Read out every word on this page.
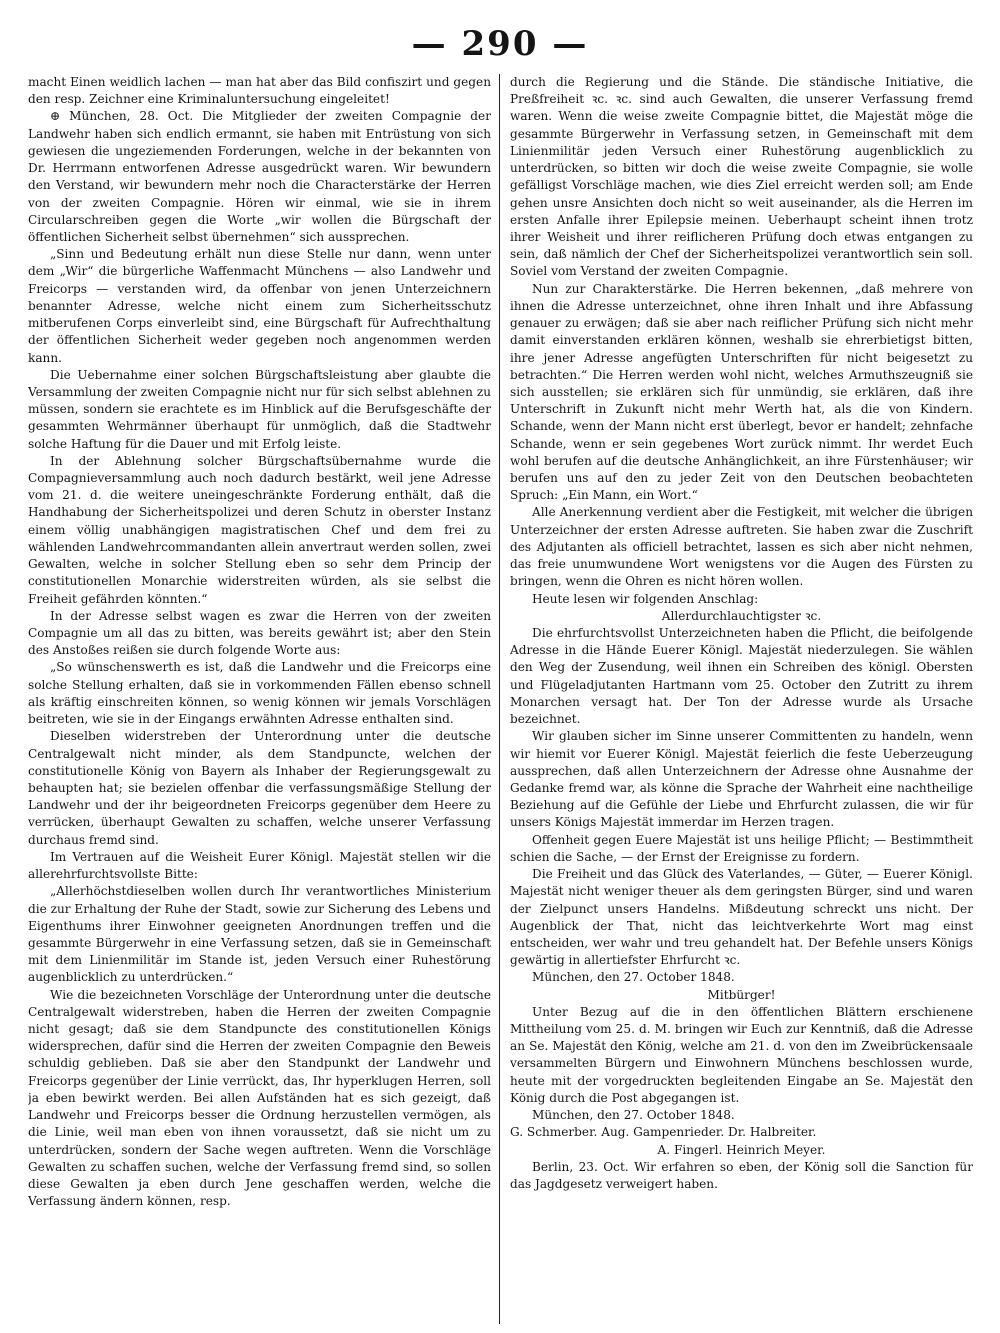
— 290 —

macht Einen weidlich lachen — man hat aber das Bild confiszirt und gegen den resp. Zeichner eine Kriminaluntersuchung eingeleitet!

⊕ München, 28. Oct. Die Mitglieder der zweiten Compagnie der Landwehr haben sich endlich ermannt, sie haben mit Entrüstung von sich gewiesen die ungeziemenden Forderungen, welche in der bekannten von Dr. Herrmann entworfenen Adresse ausgedrückt waren. Wir bewundern den Verstand, wir bewundern mehr noch die Characterstärke der Herren von der zweiten Compagnie. Hören wir einmal, wie sie in ihrem Circularschreiben gegen die Worte „wir wollen die Bürgschaft der öffentlichen Sicherheit selbst übernehmen“ sich aussprechen.

„Sinn und Bedeutung erhält nun diese Stelle nur dann, wenn unter dem „Wir“ die bürgerliche Waffenmacht Münchens — also Landwehr und Freicorps — verstanden wird, da offenbar von jenen Unterzeichnern benannter Adresse, welche nicht einem zum Sicherheitsschutz mitberufenen Corps einverleibt sind, eine Bürgschaft für Aufrechthaltung der öffentlichen Sicherheit weder gegeben noch angenommen werden kann.

Die Uebernahme einer solchen Bürgschaftsleistung aber glaubte die Versammlung der zweiten Compagnie nicht nur für sich selbst ablehnen zu müssen, sondern sie erachtete es im Hinblick auf die Berufsgeschäfte der gesammten Wehrmänner überhaupt für unmöglich, daß die Stadtwehr solche Haftung für die Dauer und mit Erfolg leiste.

In der Ablehnung solcher Bürgschaftsübernahme wurde die Compagnieversammlung auch noch dadurch bestärkt, weil jene Adresse vom 21. d. die weitere uneingeschränkte Forderung enthält, daß die Handhabung der Sicherheitspolizei und deren Schutz in oberster Instanz einem völlig unabhängigen magistratischen Chef und dem frei zu wählenden Landwehrcommandanten allein anvertraut werden sollen, zwei Gewalten, welche in solcher Stellung eben so sehr dem Princip der constitutionellen Monarchie widerstreiten würden, als sie selbst die Freiheit gefährden könnten.“

In der Adresse selbst wagen es zwar die Herren von der zweiten Compagnie um all das zu bitten, was bereits gewährt ist; aber den Stein des Anstoßes reißen sie durch folgende Worte aus:

„So wünschenswerth es ist, daß die Landwehr und die Freicorps eine solche Stellung erhalten, daß sie in vorkommenden Fällen ebenso schnell als kräftig einschreiten können, so wenig können wir jemals Vorschlägen beitreten, wie sie in der Eingangs erwähnten Adresse enthalten sind.

Dieselben widerstreben der Unterordnung unter die deutsche Centralgewalt nicht minder, als dem Standpuncte, welchen der constitutionelle König von Bayern als Inhaber der Regierungsgewalt zu behaupten hat; sie bezielen offenbar die verfassungsmäßige Stellung der Landwehr und der ihr beigeordneten Freicorps gegenüber dem Heere zu verrücken, überhaupt Gewalten zu schaffen, welche unserer Verfassung durchaus fremd sind.

Im Vertrauen auf die Weisheit Eurer Königl. Majestät stellen wir die allerehrfurchtsvollste Bitte:

„Allerhöchstdieselben wollen durch Ihr verantwortliches Ministerium die zur Erhaltung der Ruhe der Stadt, sowie zur Sicherung des Lebens und Eigenthums ihrer Einwohner geeigneten Anordnungen treffen und die gesammte Bürgerwehr in eine Verfassung setzen, daß sie in Gemeinschaft mit dem Linienmilitär im Stande ist, jeden Versuch einer Ruhestörung augenblicklich zu unterdrücken.“

Wie die bezeichneten Vorschläge der Unterordnung unter die deutsche Centralgewalt widerstreben, haben die Herren der zweiten Compagnie nicht gesagt; daß sie dem Standpuncte des constitutionellen Königs widersprechen, dafür sind die Herren der zweiten Compagnie den Beweis schuldig geblieben. Daß sie aber den Standpunkt der Landwehr und Freicorps gegenüber der Linie verrückt, das, Ihr hyperklugen Herren, soll ja eben bewirkt werden. Bei allen Aufständen hat es sich gezeigt, daß Landwehr und Freicorps besser die Ordnung herzustellen vermögen, als die Linie, weil man eben von ihnen voraussetzt, daß sie nicht um zu unterdrücken, sondern der Sache wegen auftreten. Wenn die Vorschläge Gewalten zu schaffen suchen, welche der Verfassung fremd sind, so sollen diese Gewalten ja eben durch Jene geschaffen werden, welche die Verfassung ändern können, resp.

durch die Regierung und die Stände. Die ständische Initiative, die Preßfreiheit ꝛc. ꝛc. sind auch Gewalten, die unserer Verfassung fremd waren. Wenn die weise zweite Compagnie bittet, die Majestät möge die gesammte Bürgerwehr in Verfassung setzen, in Gemeinschaft mit dem Linienmilitär jeden Versuch einer Ruhestörung augenblicklich zu unterdrücken, so bitten wir doch die weise zweite Compagnie, sie wolle gefälligst Vorschläge machen, wie dies Ziel erreicht werden soll; am Ende gehen unsre Ansichten doch nicht so weit auseinander, als die Herren im ersten Anfalle ihrer Epilepsie meinen. Ueberhaupt scheint ihnen trotz ihrer Weisheit und ihrer reiflicheren Prüfung doch etwas entgangen zu sein, daß nämlich der Chef der Sicherheitspolizei verantwortlich sein soll. Soviel vom Verstand der zweiten Compagnie.

Nun zur Charakterstärke. Die Herren bekennen, „daß mehrere von ihnen die Adresse unterzeichnet, ohne ihren Inhalt und ihre Abfassung genauer zu erwägen; daß sie aber nach reiflicher Prüfung sich nicht mehr damit einverstanden erklären können, weshalb sie ehrerbietigst bitten, ihre jener Adresse angefügten Unterschriften für nicht beigesetzt zu betrachten.“ Die Herren werden wohl nicht, welches Armuthszeugniß sie sich ausstellen; sie erklären sich für unmündig, sie erklären, daß ihre Unterschrift in Zukunft nicht mehr Werth hat, als die von Kindern. Schande, wenn der Mann nicht erst überlegt, bevor er handelt; zehnfache Schande, wenn er sein gegebenes Wort zurück nimmt. Ihr werdet Euch wohl berufen auf die deutsche Anhänglichkeit, an ihre Fürstenhäuser; wir berufen uns auf den zu jeder Zeit von den Deutschen beobachteten Spruch: „Ein Mann, ein Wort.“

Alle Anerkennung verdient aber die Festigkeit, mit welcher die übrigen Unterzeichner der ersten Adresse auftreten. Sie haben zwar die Zuschrift des Adjutanten als officiell betrachtet, lassen es sich aber nicht nehmen, das freie unumwundene Wort wenigstens vor die Augen des Fürsten zu bringen, wenn die Ohren es nicht hören wollen.

Heute lesen wir folgenden Anschlag:

Allerdurchlauchtigster ꝛc.

Die ehrfurchtsvollst Unterzeichneten haben die Pflicht, die beifolgende Adresse in die Hände Euerer Königl. Majestät niederzulegen. Sie wählen den Weg der Zusendung, weil ihnen ein Schreiben des königl. Obersten und Flügeladjutanten Hartmann vom 25. October den Zutritt zu ihrem Monarchen versagt hat. Der Ton der Adresse wurde als Ursache bezeichnet.

Wir glauben sicher im Sinne unserer Committenten zu handeln, wenn wir hiemit vor Euerer Königl. Majestät feierlich die feste Ueberzeugung aussprechen, daß allen Unterzeichnern der Adresse ohne Ausnahme der Gedanke fremd war, als könne die Sprache der Wahrheit eine nachtheilige Beziehung auf die Gefühle der Liebe und Ehrfurcht zulassen, die wir für unsers Königs Majestät immerdar im Herzen tragen.

Offenheit gegen Euere Majestät ist uns heilige Pflicht; — Bestimmtheit schien die Sache, — der Ernst der Ereignisse zu fordern.

Die Freiheit und das Glück des Vaterlandes, — Güter, — Euerer Königl. Majestät nicht weniger theuer als dem geringsten Bürger, sind und waren der Zielpunct unsers Handelns. Mißdeutung schreckt uns nicht. Der Augenblick der That, nicht das leichtverkehrte Wort mag einst entscheiden, wer wahr und treu gehandelt hat. Der Befehle unsers Königs gewärtig in allertiefster Ehrfurcht ꝛc.

München, den 27. October 1848.

Mitbürger!

Unter Bezug auf die in den öffentlichen Blättern erschienene Mittheilung vom 25. d. M. bringen wir Euch zur Kenntniß, daß die Adresse an Se. Majestät den König, welche am 21. d. von den im Zweibrückensaale versammelten Bürgern und Einwohnern Münchens beschlossen wurde, heute mit der vorgedruckten begleitenden Eingabe an Se. Majestät den König durch die Post abgegangen ist.

München, den 27. October 1848.

G. Schmerber. Aug. Gampenrieder. Dr. Halbreiter.

A. Fingerl. Heinrich Meyer.

Berlin, 23. Oct. Wir erfahren so eben, der König soll die Sanction für das Jagdgesetz verweigert haben.
